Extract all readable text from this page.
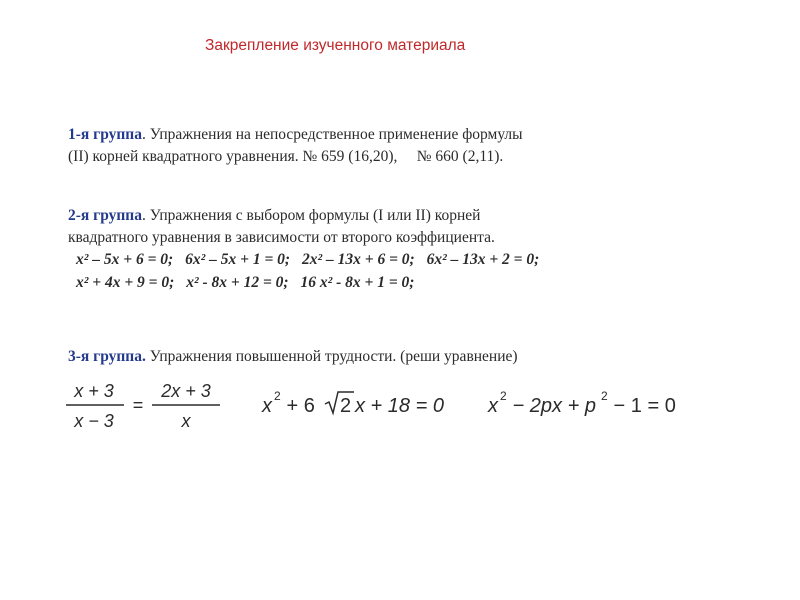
Закрепление изученного материала
1-я группа. Упражнения на непосредственное применение формулы
(II) корней квадратного уравнения. № 659 (16,20),     № 660 (2,11).
2-я группа. Упражнения с выбором формулы (I или II) корней
квадратного уравнения в зависимости от второго коэффициента.
x² – 5x + 6 = 0; 6x² – 5x + 1 = 0; 2x² – 13x + 6 = 0; 6x² – 13x + 2 = 0;
x² + 4x + 9 = 0; x² - 8x + 12 = 0; 16 x² - 8x + 1 = 0;
3-я группа. Упражнения повышенной трудности. (реши уравнение)
x + 3
x − 3
=
2x + 3
x
x 2 + 6 2 x + 18 = 0 x 2 − 2px + p 2 − 1 = 0
